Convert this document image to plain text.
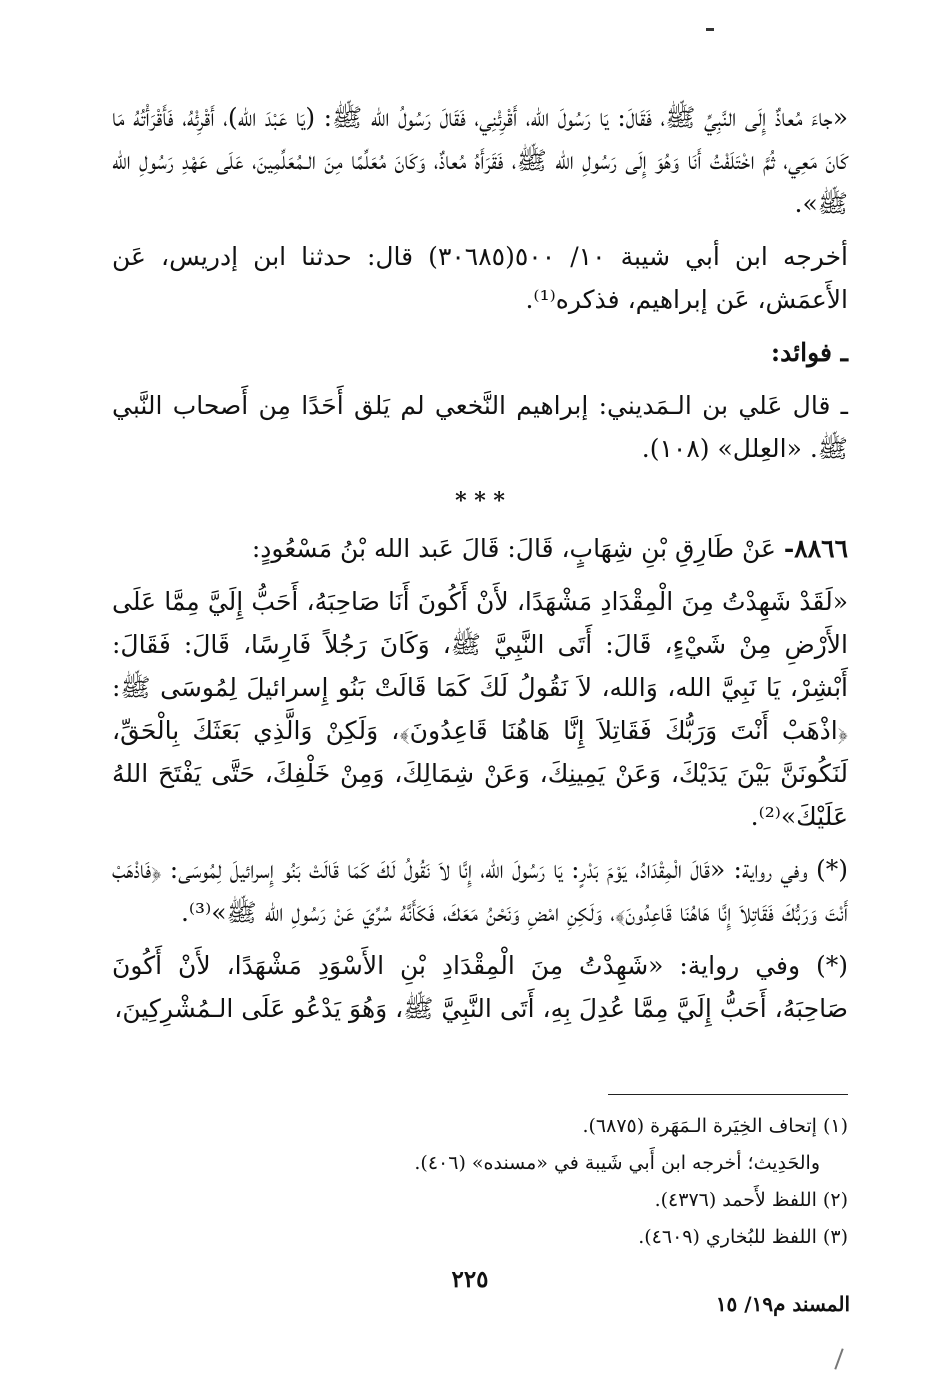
«جاءَ مُعاذٌ إِلَى النَّبِيِّ ﷺ، فَقَالَ: يَا رَسُولَ الله، أَقْرِئْنِي، فَقَالَ رَسُولُ الله ﷺ: (يَا عَبْدَ الله)، أَقْرِئْهُ، فَأَقْرَأْتُهُ مَا كَانَ مَعِي، ثُمَّ اخْتَلَفْتُ أَنَا وَهُوَ إِلَى رَسُولِ الله ﷺ، فَقَرَأَهُ مُعاذٌ، وَكَانَ مُعَلِّمًا مِنَ الـمُعَلِّمِينَ، عَلَى عَهْدِ رَسُولِ الله ﷺ».

أخرجه ابن أبي شيبة ١٠/ ٥٠٠(٣٠٦٨٥) قال: حدثنا ابن إدريس، عَن الأَعمَش، عَن إبراهيم، فذكره⁽¹⁾.

ـ فوائد:

ـ قال عَلي بن الـمَديني: إبراهيم النَّخعي لم يَلق أَحَدًا مِن أَصحاب النَّبي ﷺ. «العِلل» (١٠٨).

* * *

٨٨٦٦- عَنْ طَارِقِ بْنِ شِهَابٍ، قَالَ: قَالَ عَبد الله بْنُ مَسْعُودٍ:

«لَقَدْ شَهِدْتُ مِنَ الْمِقْدَادِ مَشْهَدًا، لأَنْ أَكُونَ أَنَا صَاحِبَهُ، أَحَبُّ إِلَيَّ مِمَّا عَلَى الأَرْضِ مِنْ شَيْءٍ، قَالَ: أَتَى النَّبِيَّ ﷺ، وَكَانَ رَجُلاً فَارِسًا، قَالَ: فَقَالَ: أَبْشِرْ، يَا نَبِيَّ الله، وَالله، لاَ نَقُولُ لَكَ كَمَا قَالَتْ بَنُو إِسرائيلَ لِمُوسَى ﷺ: ﴿اذْهَبْ أَنْتَ وَرَبُّكَ فَقَاتِلاَ إِنَّا هَاهُنَا قَاعِدُونَ﴾، وَلَكِنْ وَالَّذِي بَعَثَكَ بِالْحَقِّ، لَنَكُونَنَّ بَيْنَ يَدَيْكَ، وَعَنْ يَمِينِكَ، وَعَنْ شِمَالِكَ، وَمِنْ خَلْفِكَ، حَتَّى يَفْتَحَ اللهُ عَلَيْكَ»⁽²⁾.

(*) وفي رواية: «قَالَ الْمِقْدَادُ، يَوْمَ بَدْرٍ: يَا رَسُولَ الله، إِنَّا لاَ نَقُولُ لَكَ كَمَا قَالَتْ بَنُو إِسرائيلَ لِمُوسَى: ﴿فَاذْهَبْ أَنْتَ وَرَبُّكَ فَقَاتِلاَ إِنَّا هَاهُنَا قَاعِدُونَ﴾، وَلَكِنِ امْضِ وَنَحْنُ مَعَكَ، فَكَأَنَّهُ سُرِّيَ عَنْ رَسُولِ الله ﷺ»⁽³⁾.

(*) وفي رواية: «شَهِدْتُ مِنَ الْمِقْدَادِ بْنِ الأَسْوَدِ مَشْهَدًا، لأَنْ أَكُونَ صَاحِبَهُ، أَحَبُّ إِلَيَّ مِمَّا عُدِلَ بِهِ، أَتَى النَّبِيَّ ﷺ، وَهُوَ يَدْعُو عَلَى الـمُشْرِكِينَ،

(١) إتحاف الخِيَرة الـمَهَرة (٦٨٧٥).
والحَدِيث؛ أخرجه ابن أَبي شَيبة في «مسنده» (٤٠٦).
(٢) اللفظ لأَحمد (٤٣٧٦).
(٣) اللفظ للبُخاري (٤٦٠٩).
٢٢٥
المسند م١٩/ ١٥
